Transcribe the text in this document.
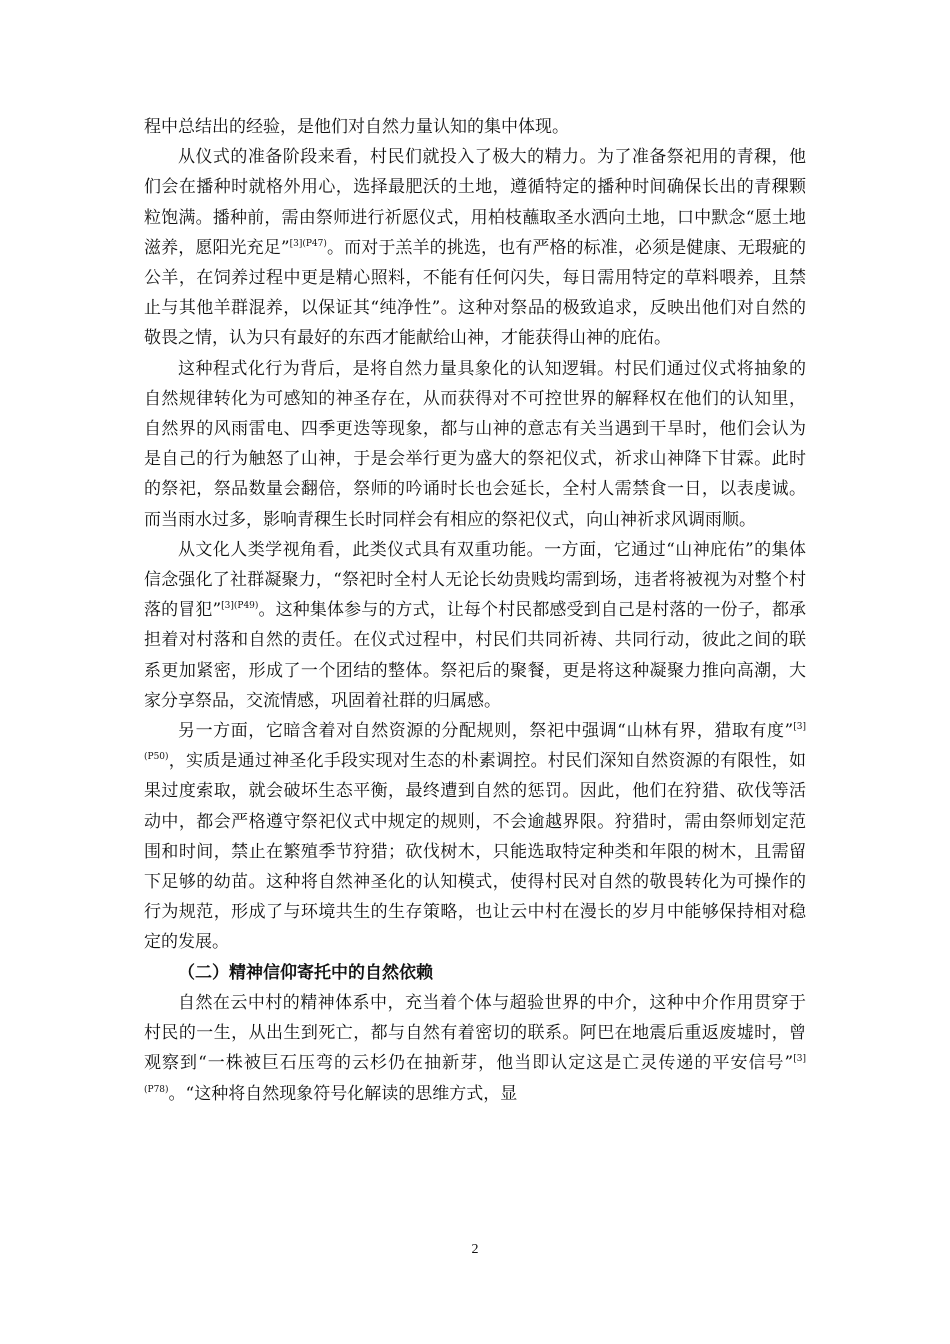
程中总结出的经验，是他们对自然力量认知的集中体现。

从仪式的准备阶段来看，村民们就投入了极大的精力。为了准备祭祀用的青稞，他们会在播种时就格外用心，选择最肥沃的土地，遵循特定的播种时间确保长出的青稞颗粒饱满。播种前，需由祭师进行祈愿仪式，用柏枝蘸取圣水洒向土地，口中默念“愿土地滋养，愿阳光充足”$^{[3](P47)}$。而对于羔羊的挑选，也有严格的标准，必须是健康、无瑕疵的公羊，在饲养过程中更是精心照料，不能有任何闪失，每日需用特定的草料喂养，且禁止与其他羊群混养，以保证其“纯净性”。这种对祭品的极致追求，反映出他们对自然的敬畏之情，认为只有最好的东西才能献给山神，才能获得山神的庇佑。

这种程式化行为背后，是将自然力量具象化的认知逻辑。村民们通过仪式将抽象的自然规律转化为可感知的神圣存在，从而获得对不可控世界的解释权在他们的认知里，自然界的风雨雷电、四季更迭等现象，都与山神的意志有关当遇到干旱时，他们会认为是自己的行为触怒了山神，于是会举行更为盛大的祭祀仪式，祈求山神降下甘霖。此时的祭祀，祭品数量会翻倍，祭师的吟诵时长也会延长，全村人需禁食一日，以表虔诚。而当雨水过多，影响青稞生长时同样会有相应的祭祀仪式，向山神祈求风调雨顺。

从文化人类学视角看，此类仪式具有双重功能。一方面，它通过“山神庇佑”的集体信念强化了社群凝聚力，“祭祀时全村人无论长幼贵贱均需到场，违者将被视为对整个村落的冒犯”$^{[3](P49)}$。这种集体参与的方式，让每个村民都感受到自己是村落的一份子，都承担着对村落和自然的责任。在仪式过程中，村民们共同祈祷、共同行动，彼此之间的联系更加紧密，形成了一个团结的整体。祭祀后的聚餐，更是将这种凝聚力推向高潮，大家分享祭品，交流情感，巩固着社群的归属感。

另一方面，它暗含着对自然资源的分配规则，祭祀中强调“山林有界，猎取有度”$^{[3](P50)}$，实质是通过神圣化手段实现对生态的朴素调控。村民们深知自然资源的有限性，如果过度索取，就会破坏生态平衡，最终遭到自然的惩罚。因此，他们在狩猎、砍伐等活动中，都会严格遵守祭祀仪式中规定的规则，不会逾越界限。狩猎时，需由祭师划定范围和时间，禁止在繁殖季节狩猎；砍伐树木，只能选取特定种类和年限的树木，且需留下足够的幼苗。这种将自然神圣化的认知模式，使得村民对自然的敬畏转化为可操作的行为规范，形成了与环境共生的生存策略，也让云中村在漫长的岁月中能够保持相对稳定的发展。

（二）精神信仰寄托中的自然依赖

自然在云中村的精神体系中，充当着个体与超验世界的中介，这种中介作用贯穿于村民的一生，从出生到死亡，都与自然有着密切的联系。阿巴在地震后重返废墟时，曾观察到“一株被巨石压弯的云杉仍在抽新芽，他当即认定这是亡灵传递的平安信号”$^{[3](P78)}$。“这种将自然现象符号化解读的思维方式，显

2
